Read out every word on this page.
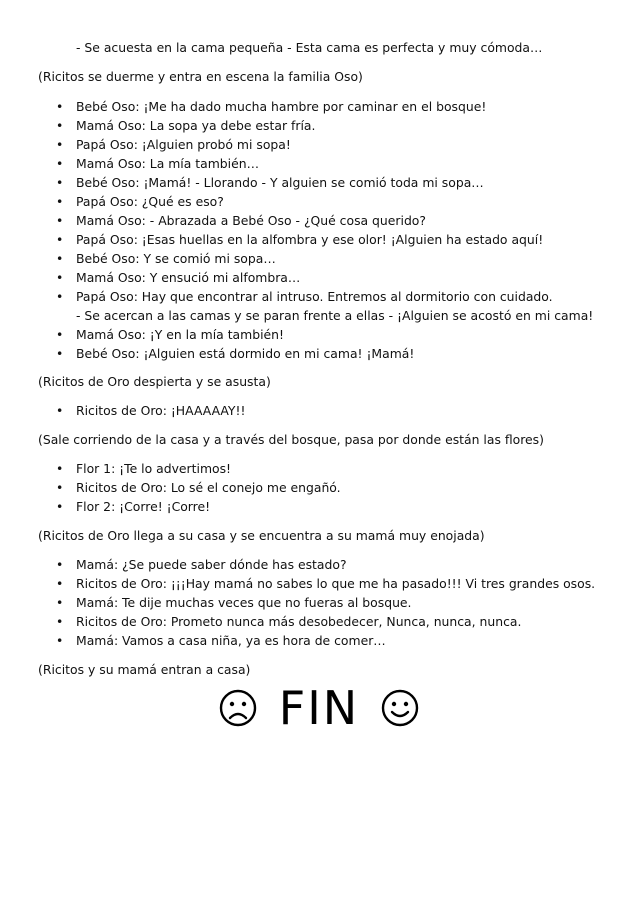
- Se acuesta en la cama pequeña - Esta cama es perfecta y muy cómoda…
(Ricitos se duerme y entra en escena la familia Oso)
•	Bebé Oso: ¡Me ha dado mucha hambre por caminar en el bosque!
•	Mamá Oso: La sopa ya debe estar fría.
•	Papá Oso: ¡Alguien probó mi sopa!
•	Mamá Oso: La mía también…
•	Bebé Oso: ¡Mamá! - Llorando - Y alguien se comió toda mi sopa…
•	Papá Oso: ¿Qué es eso?
•	Mamá Oso: - Abrazada a Bebé Oso - ¿Qué cosa querido?
•	Papá Oso: ¡Esas huellas en la alfombra y ese olor! ¡Alguien ha estado aquí!
•	Bebé Oso: Y se comió mi sopa…
•	Mamá Oso: Y ensució mi alfombra…
•	Papá Oso: Hay que encontrar al intruso. Entremos al dormitorio con cuidado.
- Se acercan a las camas y se paran frente a ellas - ¡Alguien se acostó en mi cama!
•	Mamá Oso: ¡Y en la mía también!
•	Bebé Oso: ¡Alguien está dormido en mi cama! ¡Mamá!
(Ricitos de Oro despierta y se asusta)
•	Ricitos de Oro: ¡HAAAAAY!!
(Sale corriendo de la casa y a través del bosque, pasa por donde están las flores)
•	Flor 1: ¡Te lo advertimos!
•	Ricitos de Oro: Lo sé el conejo me engañó.
•	Flor 2: ¡Corre! ¡Corre!
(Ricitos de Oro llega a su casa y se encuentra a su mamá muy enojada)
•	Mamá: ¿Se puede saber dónde has estado?
•	Ricitos de Oro: ¡¡¡Hay mamá no sabes lo que me ha pasado!!! Vi tres grandes osos.
•	Mamá: Te dije muchas veces que no fueras al bosque.
•	Ricitos de Oro: Prometo nunca más desobedecer, Nunca, nunca, nunca.
•	Mamá: Vamos a casa niña, ya es hora de comer…
(Ricitos y su mamá entran a casa)
FIN
